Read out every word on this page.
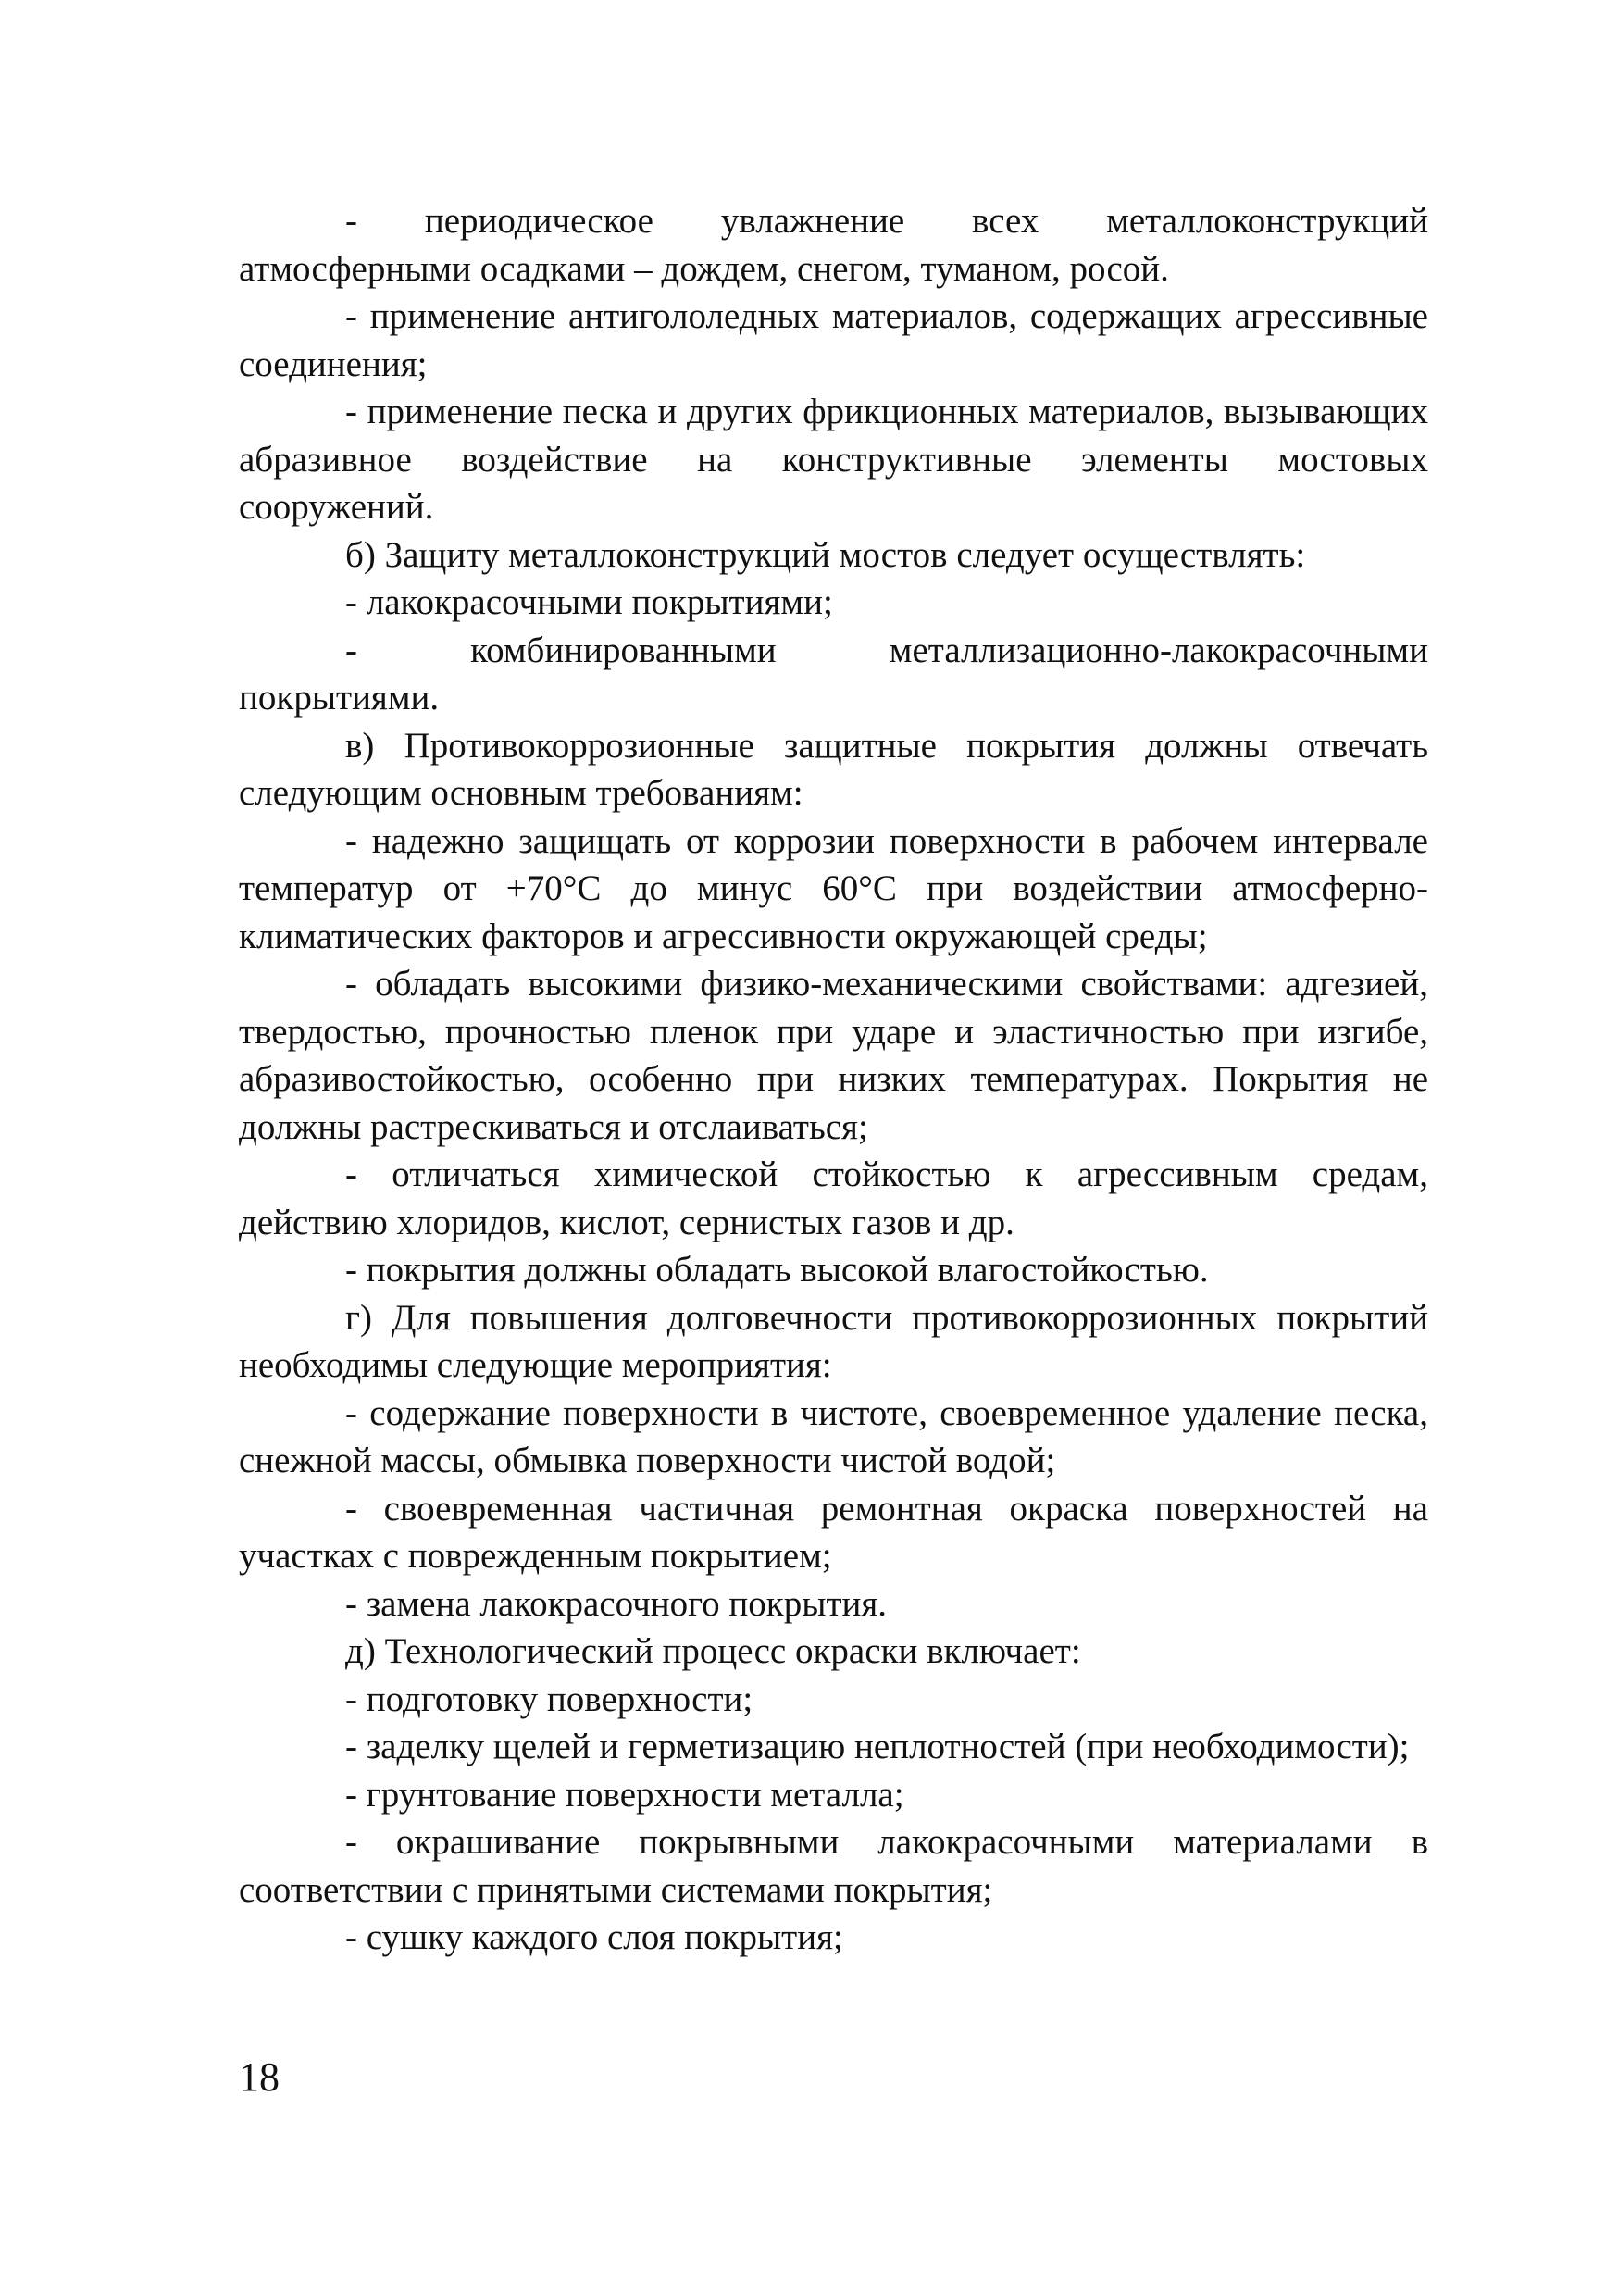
- периодическое увлажнение всех металлоконструкций атмосферными осадками – дождем, снегом, туманом, росой.

- применение антигололедных материалов, содержащих агрессивные соединения;

- применение песка и других фрикционных материалов, вызывающих абразивное воздействие на конструктивные элементы мостовых сооружений.

б) Защиту металлоконструкций мостов следует осуществлять:

- лакокрасочными покрытиями;

- комбинированными металлизационно-лакокрасочными покрытиями.

в) Противокоррозионные защитные покрытия должны отвечать следующим основным требованиям:

- надежно защищать от коррозии поверхности в рабочем интервале температур от +70°С до минус 60°С при воздействии атмосферно-климатических факторов и агрессивности окружающей среды;

- обладать высокими физико-механическими свойствами: адгезией, твердостью, прочностью пленок при ударе и эластичностью при изгибе, абразивостойкостью, особенно при низких температурах. Покрытия не должны растрескиваться и отслаиваться;

- отличаться химической стойкостью к агрессивным средам, действию хлоридов, кислот, сернистых газов и др.

- покрытия должны обладать высокой влагостойкостью.

г) Для повышения долговечности противокоррозионных покрытий необходимы следующие мероприятия:

- содержание поверхности в чистоте, своевременное удаление песка, снежной массы, обмывка поверхности чистой водой;

- своевременная частичная ремонтная окраска поверхностей на участках с поврежденным покрытием;

- замена лакокрасочного покрытия.

д) Технологический процесс окраски включает:

- подготовку поверхности;

- заделку щелей и герметизацию неплотностей (при необходимости);

- грунтование поверхности металла;

- окрашивание покрывными лакокрасочными материалами в соответствии с принятыми системами покрытия;

- сушку каждого слоя покрытия;

18
